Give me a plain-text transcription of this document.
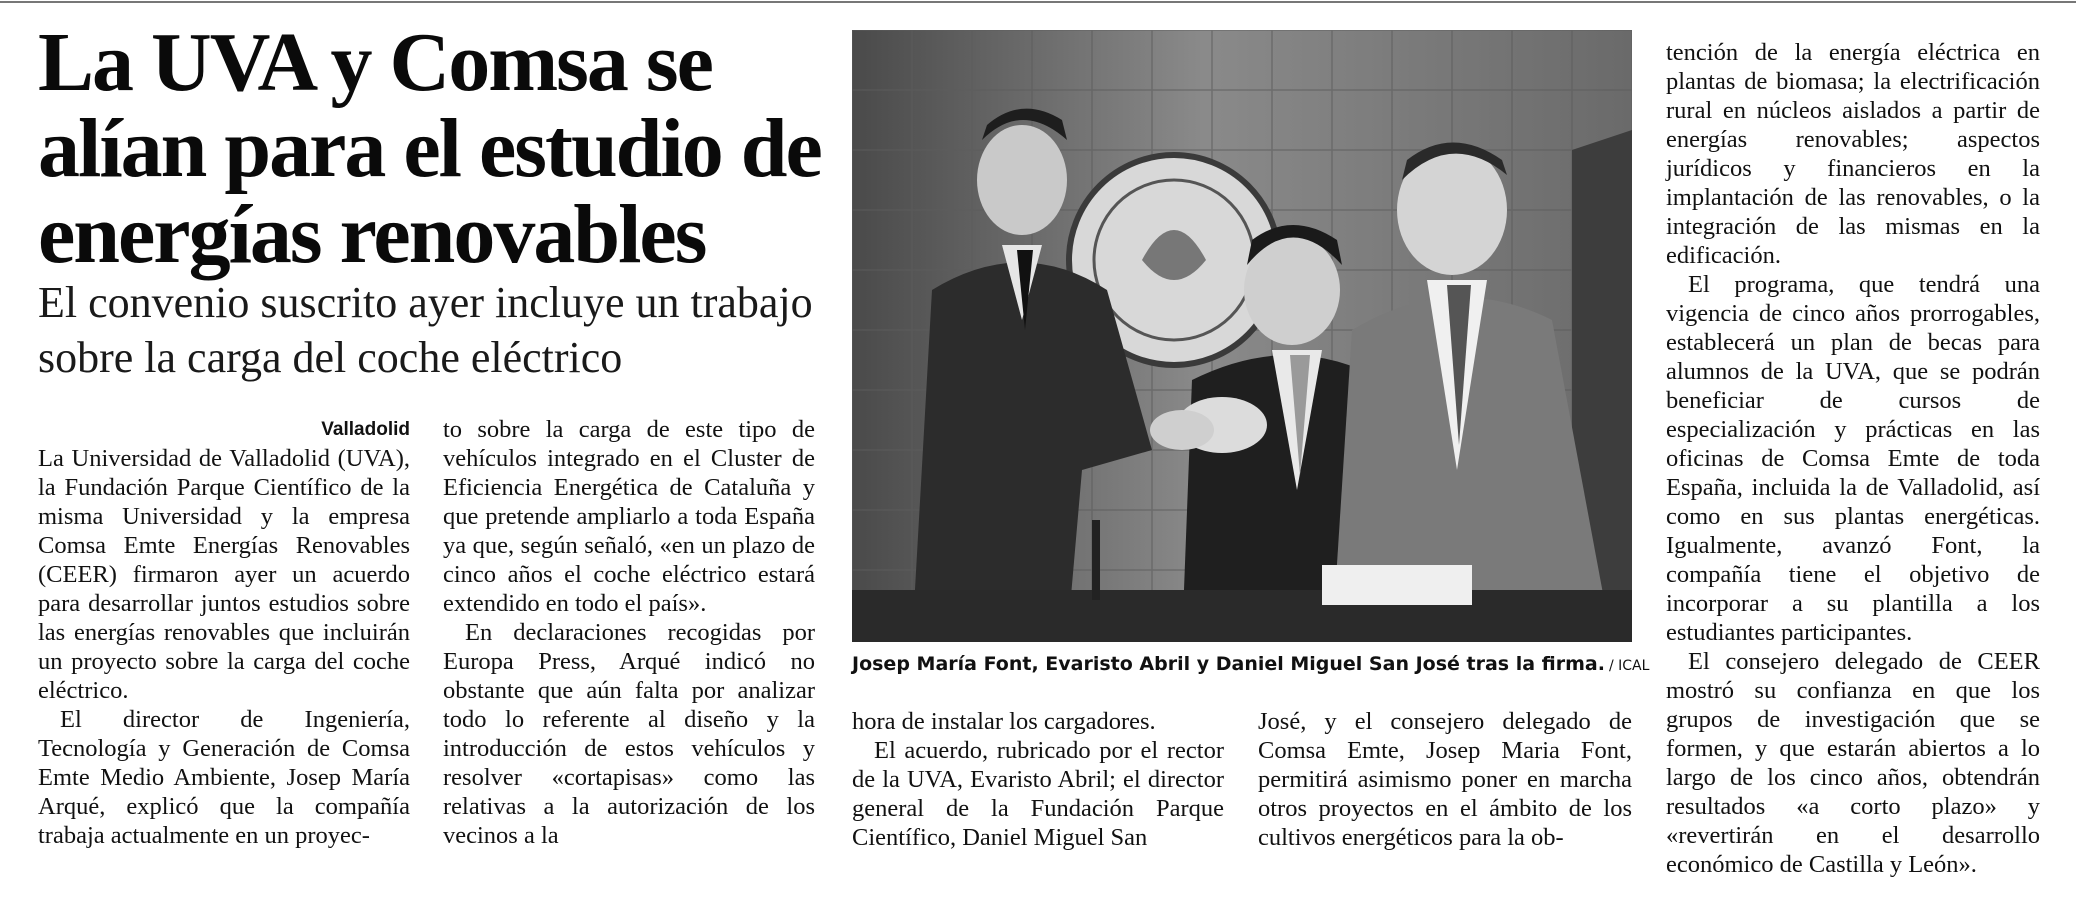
La UVA y Comsa se alían para el estudio de energías renovables
El convenio suscrito ayer incluye un trabajo sobre la carga del coche eléctrico
Valladolid

La Universidad de Valladolid (UVA), la Fundación Parque Científico de la misma Universidad y la empresa Comsa Emte Energías Renovables (CEER) firmaron ayer un acuerdo para desarrollar juntos estudios sobre las energías renovables que incluirán un proyecto sobre la carga del coche eléctrico.

El director de Ingeniería, Tecnología y Generación de Comsa Emte Medio Ambiente, Josep María Arqué, explicó que la compañía trabaja actualmente en un proyec-

to sobre la carga de este tipo de vehículos integrado en el Cluster de Eficiencia Energética de Cataluña y que pretende ampliarlo a toda España ya que, según señaló, «en un plazo de cinco años el coche eléctrico estará extendido en todo el país».

En declaraciones recogidas por Europa Press, Arqué indicó no obstante que aún falta por analizar todo lo referente al diseño y la introducción de estos vehículos y resolver «cortapisas» como las relativas a la autorización de los vecinos a la

Josep María Font, Evaristo Abril y Daniel Miguel San José tras la firma. / ICAL

hora de instalar los cargadores.

El acuerdo, rubricado por el rector de la UVA, Evaristo Abril; el director general de la Fundación Parque Científico, Daniel Miguel San

José, y el consejero delegado de Comsa Emte, Josep Maria Font, permitirá asimismo poner en marcha otros proyectos en el ámbito de los cultivos energéticos para la ob-

tención de la energía eléctrica en plantas de biomasa; la electrificación rural en núcleos aislados a partir de energías renovables; aspectos jurídicos y financieros en la implantación de las renovables, o la integración de las mismas en la edificación.

El programa, que tendrá una vigencia de cinco años prorrogables, establecerá un plan de becas para alumnos de la UVA, que se podrán beneficiar de cursos de especialización y prácticas en las oficinas de Comsa Emte de toda España, incluida la de Valladolid, así como en sus plantas energéticas. Igualmente, avanzó Font, la compañía tiene el objetivo de incorporar a su plantilla a los estudiantes participantes.

El consejero delegado de CEER mostró su confianza en que los grupos de investigación que se formen, y que estarán abiertos a lo largo de los cinco años, obtendrán resultados «a corto plazo» y «revertirán en el desarrollo económico de Castilla y León».
